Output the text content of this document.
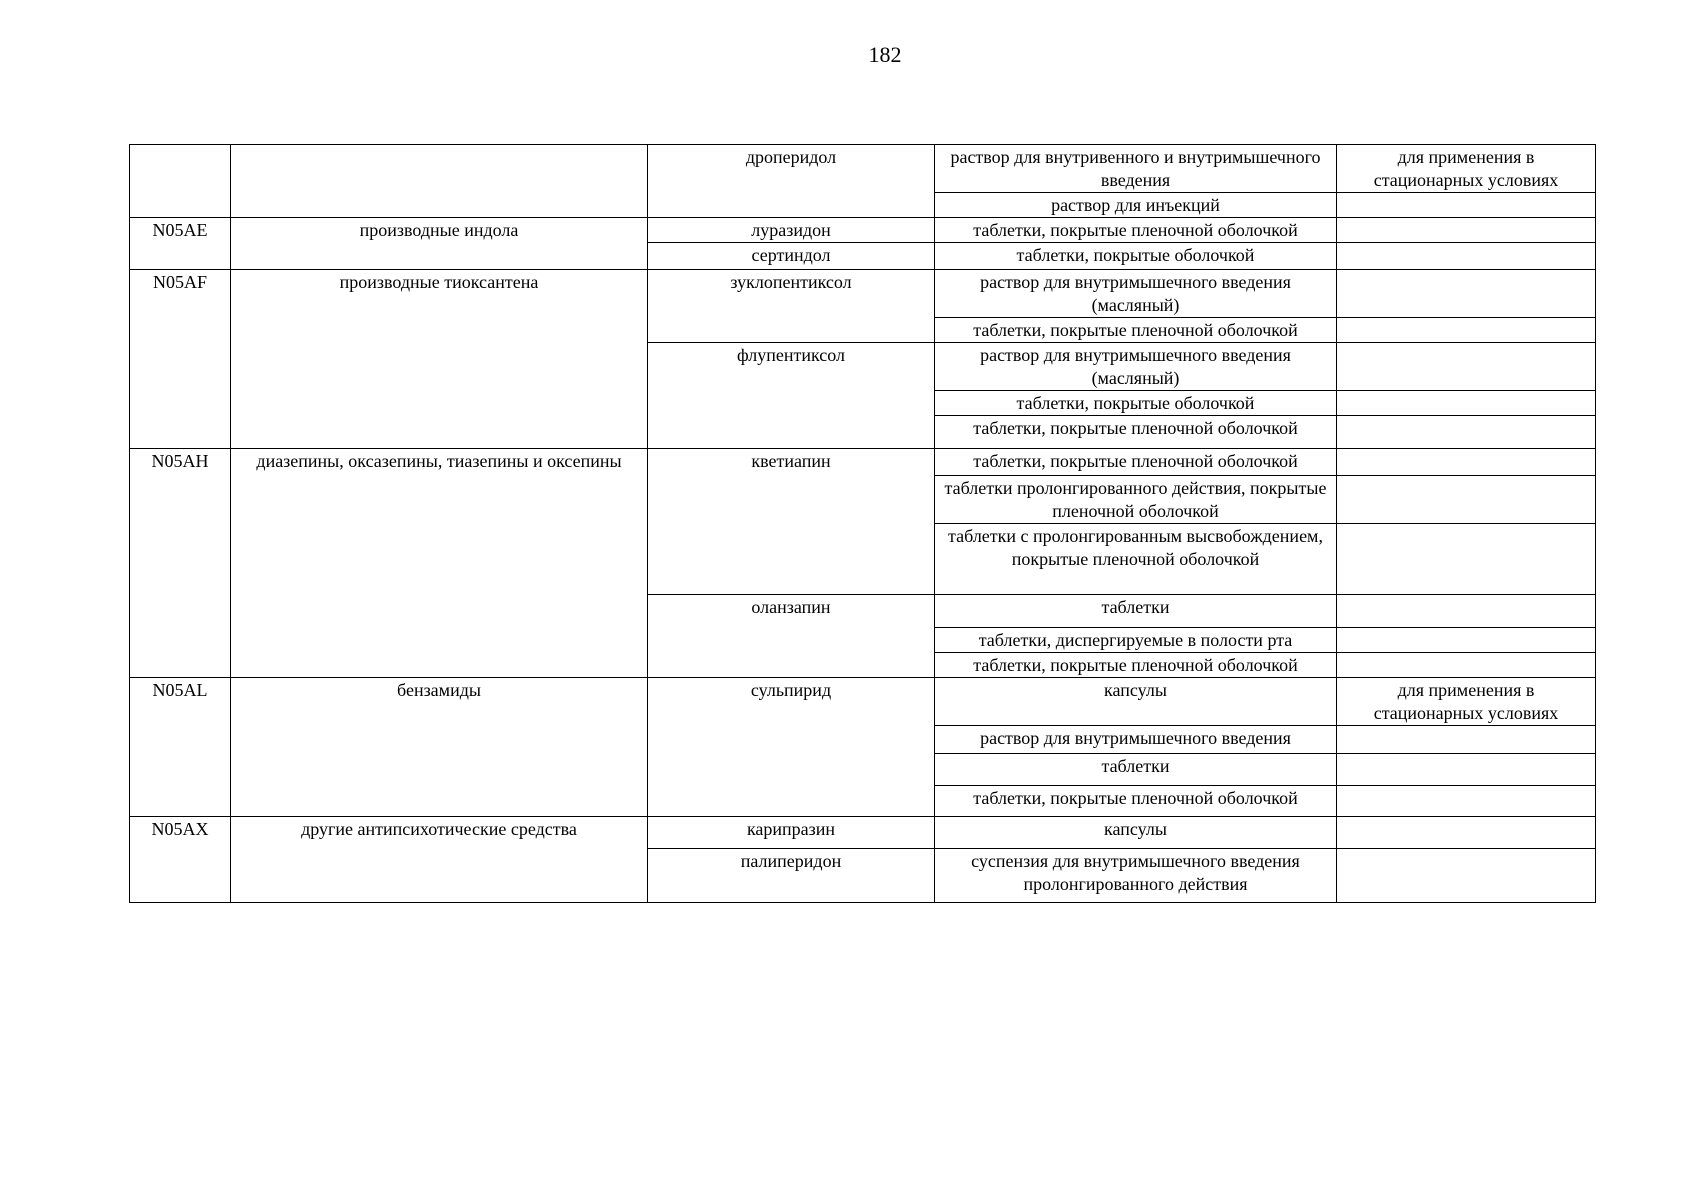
182
		дроперидол	раствор для внутривенного и внутримышечного введения	для применения в стационарных условиях
			раствор для инъекций	
N05AE	производные индола	луразидон	таблетки, покрытые пленочной оболочкой	
		сертиндол	таблетки, покрытые оболочкой	
N05AF	производные тиоксантена	зуклопентиксол	раствор для внутримышечного введения (масляный)	
			таблетки, покрытые пленочной оболочкой	
		флупентиксол	раствор для внутримышечного введения (масляный)	
			таблетки, покрытые оболочкой	
			таблетки, покрытые пленочной оболочкой	
N05AH	диазепины, оксазепины, тиазепины и оксепины	кветиапин	таблетки, покрытые пленочной оболочкой	
			таблетки пролонгированного действия, покрытые пленочной оболочкой	
			таблетки с пролонгированным высвобождением, покрытые пленочной оболочкой	
		оланзапин	таблетки	
			таблетки, диспергируемые в полости рта	
			таблетки, покрытые пленочной оболочкой	
N05AL	бензамиды	сульпирид	капсулы	для применения в стационарных условиях
			раствор для внутримышечного введения	
			таблетки	
			таблетки, покрытые пленочной оболочкой	
N05AX	другие антипсихотические средства	карипразин	капсулы	
		палиперидон	суспензия для внутримышечного введения пролонгированного действия	
